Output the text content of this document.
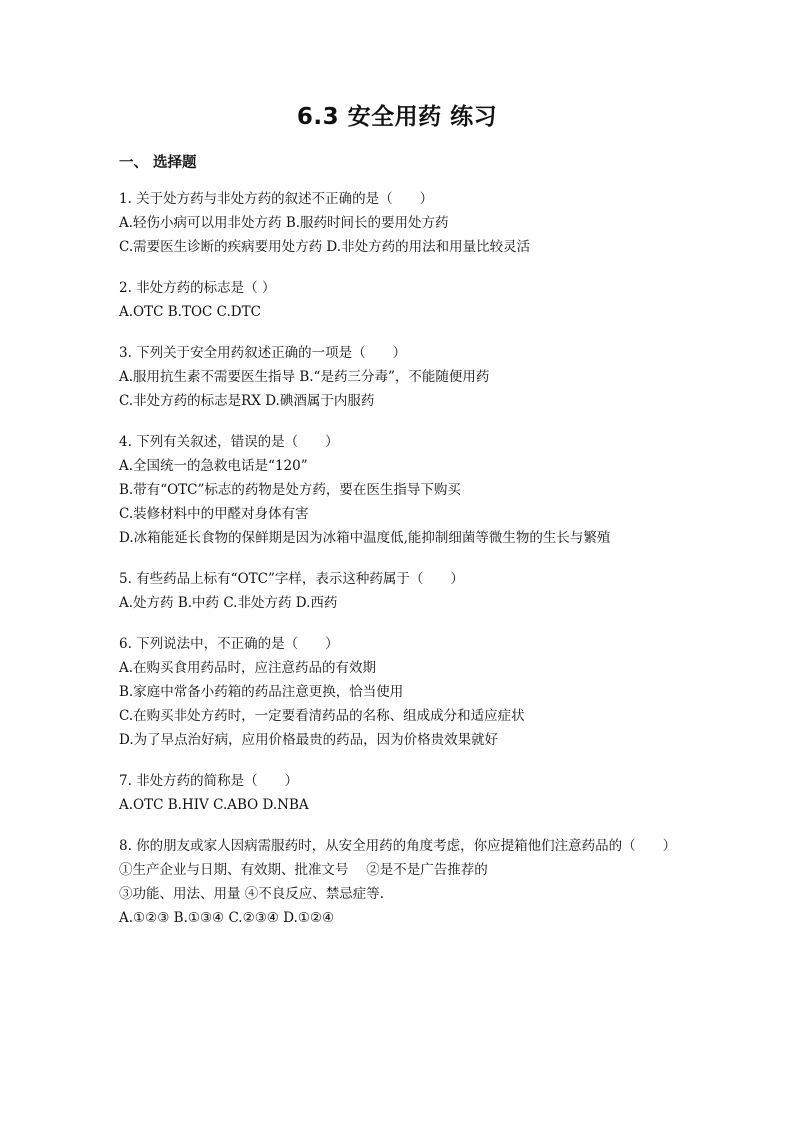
6.3 安全用药 练习
一、 选择题
1. 关于处方药与非处方药的叙述不正确的是（　　）
A.轻伤小病可以用非处方药 B.服药时间长的要用处方药
C.需要医生诊断的疾病要用处方药 D.非处方药的用法和用量比较灵活
2. 非处方药的标志是（ ）
A.OTC B.TOC C.DTC
3. 下列关于安全用药叙述正确的一项是（　　）
A.服用抗生素不需要医生指导 B.“是药三分毒”，不能随便用药
C.非处方药的标志是RX D.碘酒属于内服药
4. 下列有关叙述，错误的是（　　）
A.全国统一的急救电话是“120”
B.带有“OTC”标志的药物是处方药，要在医生指导下购买
C.装修材料中的甲醛对身体有害
D.冰箱能延长食物的保鲜期是因为冰箱中温度低,能抑制细菌等微生物的生长与繁殖
5. 有些药品上标有“OTC”字样，表示这种药属于（　　）
A.处方药 B.中药 C.非处方药 D.西药
6. 下列说法中，不正确的是（　　）
A.在购买食用药品时，应注意药品的有效期
B.家庭中常备小药箱的药品注意更换，恰当使用
C.在购买非处方药时，一定要看清药品的名称、组成成分和适应症状
D.为了早点治好病，应用价格最贵的药品，因为价格贵效果就好
7. 非处方药的简称是（　　）
A.OTC B.HIV C.ABO D.NBA
8. 你的朋友或家人因病需服药时，从安全用药的角度考虑，你应提箱他们注意药品的（　　）
①生产企业与日期、有效期、批准文号　 ②是不是广告推荐的
③功能、用法、用量 ④不良反应、禁忌症等.
A.①②③ B.①③④ C.②③④ D.①②④
